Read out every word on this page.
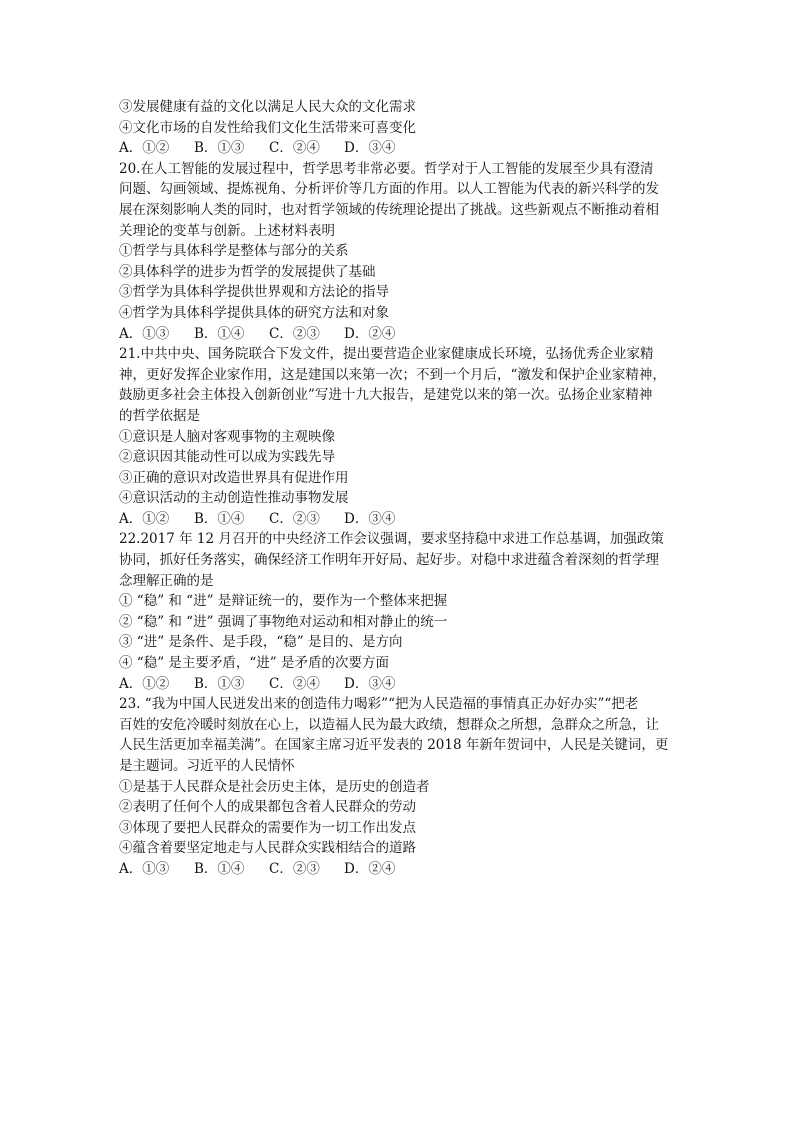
③发展健康有益的文化以满足人民大众的文化需求
④文化市场的自发性给我们文化生活带来可喜变化
A．①②	B．①③	C．②④	D．③④
20.在人工智能的发展过程中，哲学思考非常必要。哲学对于人工智能的发展至少具有澄清
问题、勾画领域、提炼视角、分析评价等几方面的作用。以人工智能为代表的新兴科学的发
展在深刻影响人类的同时，也对哲学领域的传统理论提出了挑战。这些新观点不断推动着相
关理论的变革与创新。上述材料表明
①哲学与具体科学是整体与部分的关系
②具体科学的进步为哲学的发展提供了基础
③哲学为具体科学提供世界观和方法论的指导
④哲学为具体科学提供具体的研究方法和对象
A．①③	B．①④	C．②③	D．②④
21.中共中央、国务院联合下发文件，提出要营造企业家健康成长环境，弘扬优秀企业家精
神，更好发挥企业家作用，这是建国以来第一次；不到一个月后，“激发和保护企业家精神，
鼓励更多社会主体投入创新创业”写进十九大报告，是建党以来的第一次。弘扬企业家精神
的哲学依据是
①意识是人脑对客观事物的主观映像
②意识因其能动性可以成为实践先导
③正确的意识对改造世界具有促进作用
④意识活动的主动创造性推动事物发展
A．①②	B．①④	C．②③	D．③④
22.2017 年 12 月召开的中央经济工作会议强调，要求坚持稳中求进工作总基调，加强政策
协同，抓好任务落实，确保经济工作明年开好局、起好步。对稳中求进蕴含着深刻的哲学理
念理解正确的是
① “稳” 和 “进” 是辩证统一的，要作为一个整体来把握
② “稳” 和 “进” 强调了事物绝对运动和相对静止的统一
③ “进” 是条件、是手段，“稳” 是目的、是方向
④ “稳” 是主要矛盾，“进” 是矛盾的次要方面
A．①②	B．①③	C．②④	D．③④
23. “我为中国人民迸发出来的创造伟力喝彩”“把为人民造福的事情真正办好办实”“把老
百姓的安危冷暖时刻放在心上，以造福人民为最大政绩，想群众之所想，急群众之所急，让
人民生活更加幸福美满”。在国家主席习近平发表的 2018 年新年贺词中，人民是关键词，更
是主题词。习近平的人民情怀
①是基于人民群众是社会历史主体，是历史的创造者
②表明了任何个人的成果都包含着人民群众的劳动
③体现了要把人民群众的需要作为一切工作出发点
④蕴含着要坚定地走与人民群众实践相结合的道路
A．①③	B．①④	C．②③	D．②④
